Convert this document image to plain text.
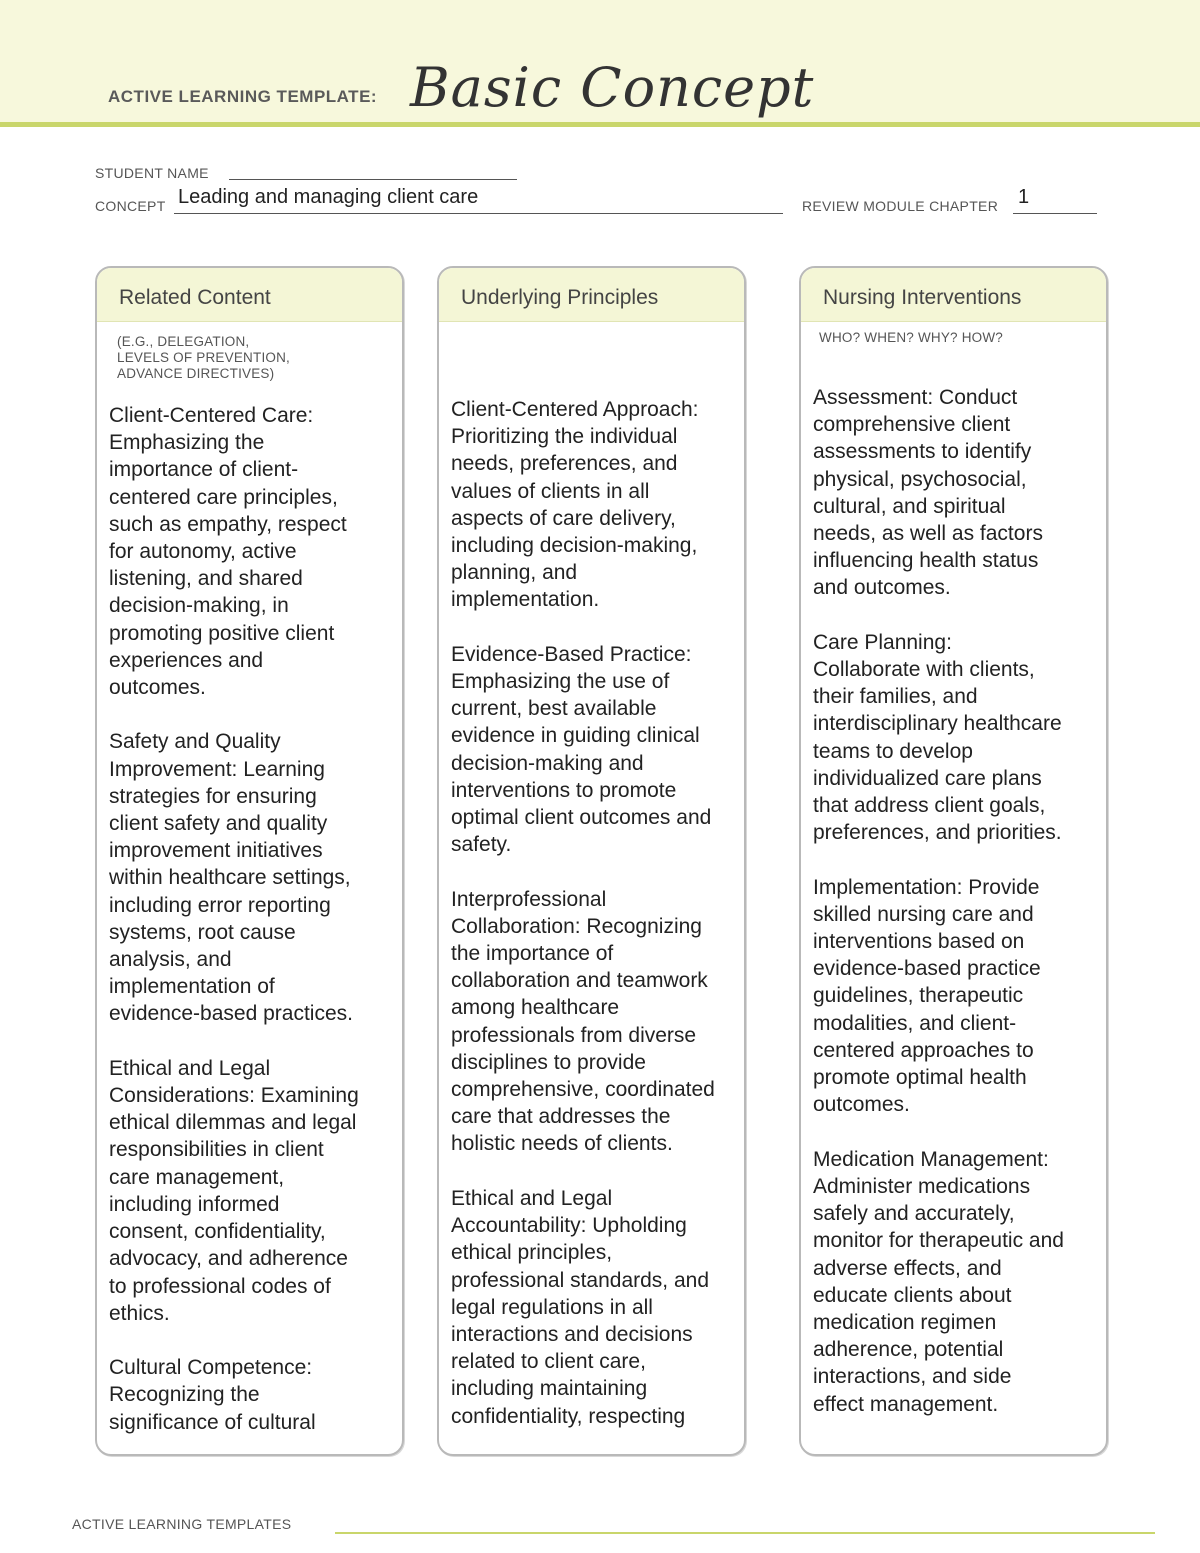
ACTIVE LEARNING TEMPLATE: Basic Concept
STUDENT NAME
CONCEPT Leading and managing client care	REVIEW MODULE CHAPTER 1
Related Content
(E.G., DELEGATION,
LEVELS OF PREVENTION,
ADVANCE DIRECTIVES)
Client-Centered Care:
Emphasizing the
importance of client-
centered care principles,
such as empathy, respect
for autonomy, active
listening, and shared
decision-making, in
promoting positive client
experiences and
outcomes.

Safety and Quality
Improvement: Learning
strategies for ensuring
client safety and quality
improvement initiatives
within healthcare settings,
including error reporting
systems, root cause
analysis, and
implementation of
evidence-based practices.

Ethical and Legal
Considerations: Examining
ethical dilemmas and legal
responsibilities in client
care management,
including informed
consent, confidentiality,
advocacy, and adherence
to professional codes of
ethics.

Cultural Competence:
Recognizing the
significance of cultural
Underlying Principles
Client-Centered Approach:
Prioritizing the individual
needs, preferences, and
values of clients in all
aspects of care delivery,
including decision-making,
planning, and
implementation.

Evidence-Based Practice:
Emphasizing the use of
current, best available
evidence in guiding clinical
decision-making and
interventions to promote
optimal client outcomes and
safety.

Interprofessional
Collaboration: Recognizing
the importance of
collaboration and teamwork
among healthcare
professionals from diverse
disciplines to provide
comprehensive, coordinated
care that addresses the
holistic needs of clients.

Ethical and Legal
Accountability: Upholding
ethical principles,
professional standards, and
legal regulations in all
interactions and decisions
related to client care,
including maintaining
confidentiality, respecting
Nursing Interventions
WHO? WHEN? WHY? HOW?
Assessment: Conduct
comprehensive client
assessments to identify
physical, psychosocial,
cultural, and spiritual
needs, as well as factors
influencing health status
and outcomes.

Care Planning:
Collaborate with clients,
their families, and
interdisciplinary healthcare
teams to develop
individualized care plans
that address client goals,
preferences, and priorities.

Implementation: Provide
skilled nursing care and
interventions based on
evidence-based practice
guidelines, therapeutic
modalities, and client-
centered approaches to
promote optimal health
outcomes.

Medication Management:
Administer medications
safely and accurately,
monitor for therapeutic and
adverse effects, and
educate clients about
medication regimen
adherence, potential
interactions, and side
effect management.
ACTIVE LEARNING TEMPLATES
